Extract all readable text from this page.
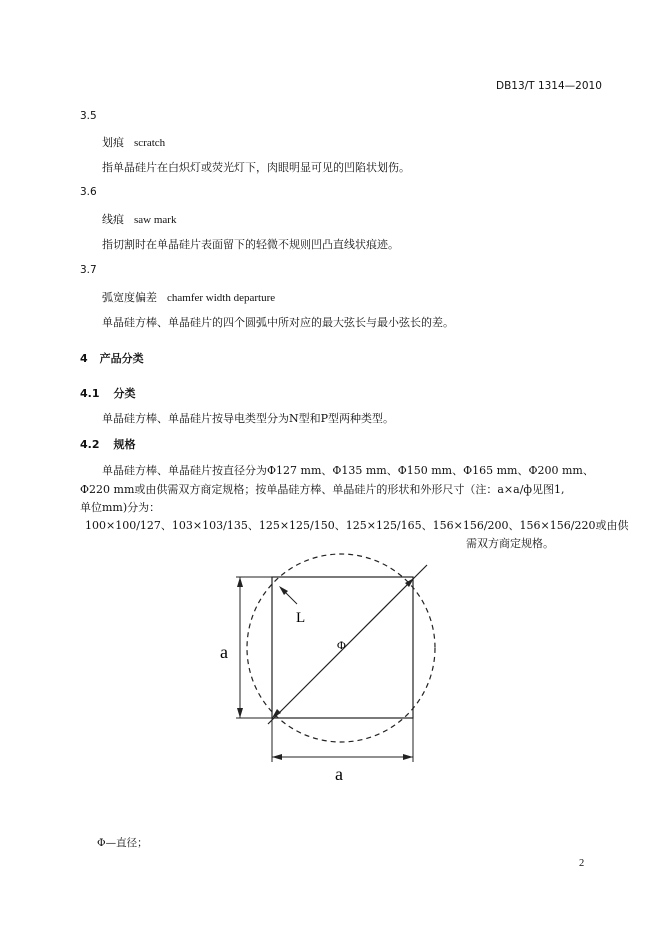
DB13/T 1314—2010
3.5
划痕 scratch
指单晶硅片在白炽灯或荧光灯下，肉眼明显可见的凹陷状划伤。
3.6
线痕 saw mark
指切割时在单晶硅片表面留下的轻微不规则凹凸直线状痕迹。
3.7
弧宽度偏差 chamfer width departure
单晶硅方棒、单晶硅片的四个圆弧中所对应的最大弦长与最小弦长的差。
4 产品分类
4.1 分类
单晶硅方棒、单晶硅片按导电类型分为N型和P型两种类型。
4.2 规格
单晶硅方棒、单晶硅片按直径分为Φ127 mm、Φ135 mm、Φ150 mm、Φ165 mm、Φ200 mm、
Φ220 mm或由供需双方商定规格；按单晶硅方棒、单晶硅片的形状和外形尺寸（注：a×a/ф见图1,
单位mm)分为：
100×100/127、103×103/135、125×125/150、125×125/165、156×156/200、156×156/220或由供
需双方商定规格。
a
a
Φ
L
Φ—直径；
2
